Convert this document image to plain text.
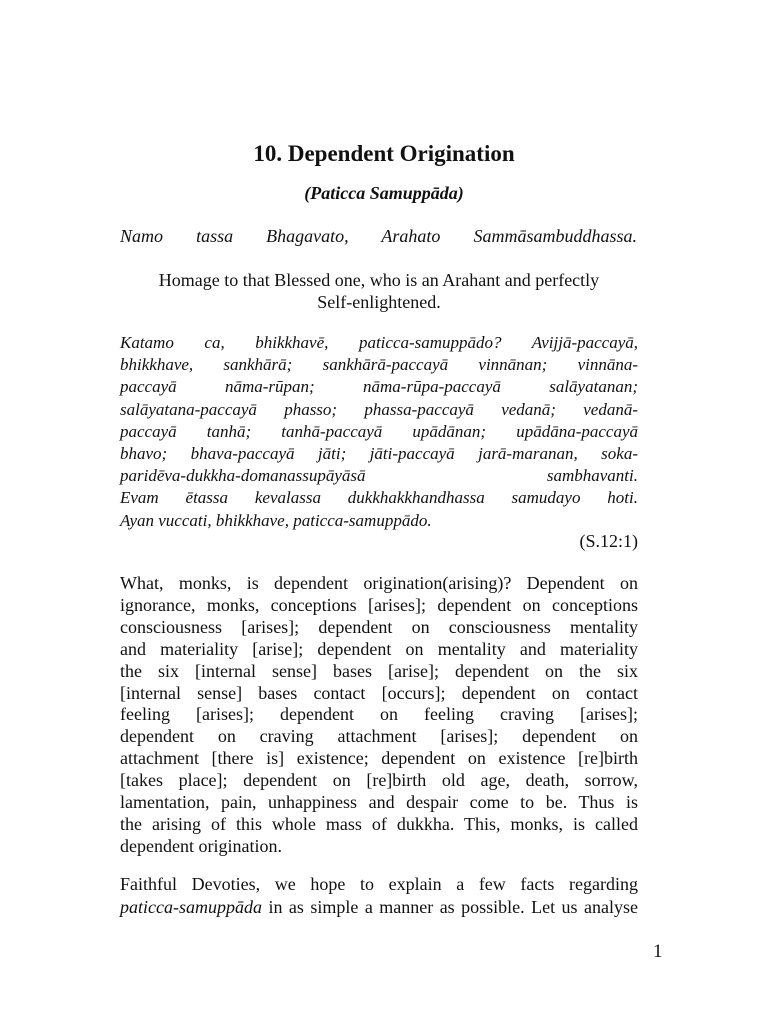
10. Dependent Origination
(Paticca Samuppāda)
Namo tassa Bhagavato, Arahato Sammāsambuddhassa.
Homage to that Blessed one, who is an Arahant and perfectly
Self-enlightened.
Katamo ca, bhikkhavē, paticca-samuppādo? Avijjā-paccayā,
bhikkhave, sankhārā; sankhārā-paccayā vinnānan; vinnāna-
paccayā nāma-rūpan; nāma-rūpa-paccayā salāyatanan;
salāyatana-paccayā phasso; phassa-paccayā vedanā; vedanā-
paccayā tanhā; tanhā-paccayā upādānan; upādāna-paccayā
bhavo; bhava-paccayā jāti; jāti-paccayā jarā-maranan, soka-
paridēva-dukkha-domanassupāyāsā sambhavanti.
Evam ētassa kevalassa dukkhakkhandhassa samudayo hoti.
Ayan vuccati, bhikkhave, paticca-samuppādo.
(S.12:1)
What, monks, is dependent origination(arising)? Dependent on
ignorance, monks, conceptions [arises]; dependent on conceptions
consciousness [arises]; dependent on consciousness mentality
and materiality [arise]; dependent on mentality and materiality
the six [internal sense] bases [arise]; dependent on the six
[internal sense] bases contact [occurs]; dependent on contact
feeling [arises]; dependent on feeling craving [arises];
dependent on craving attachment [arises]; dependent on
attachment [there is] existence; dependent on existence [re]birth
[takes place]; dependent on [re]birth old age, death, sorrow,
lamentation, pain, unhappiness and despair come to be. Thus is
the arising of this whole mass of dukkha. This, monks, is called
dependent origination.
Faithful Devoties, we hope to explain a few facts regarding
paticca-samuppāda in as simple a manner as possible. Let us analyse
1
